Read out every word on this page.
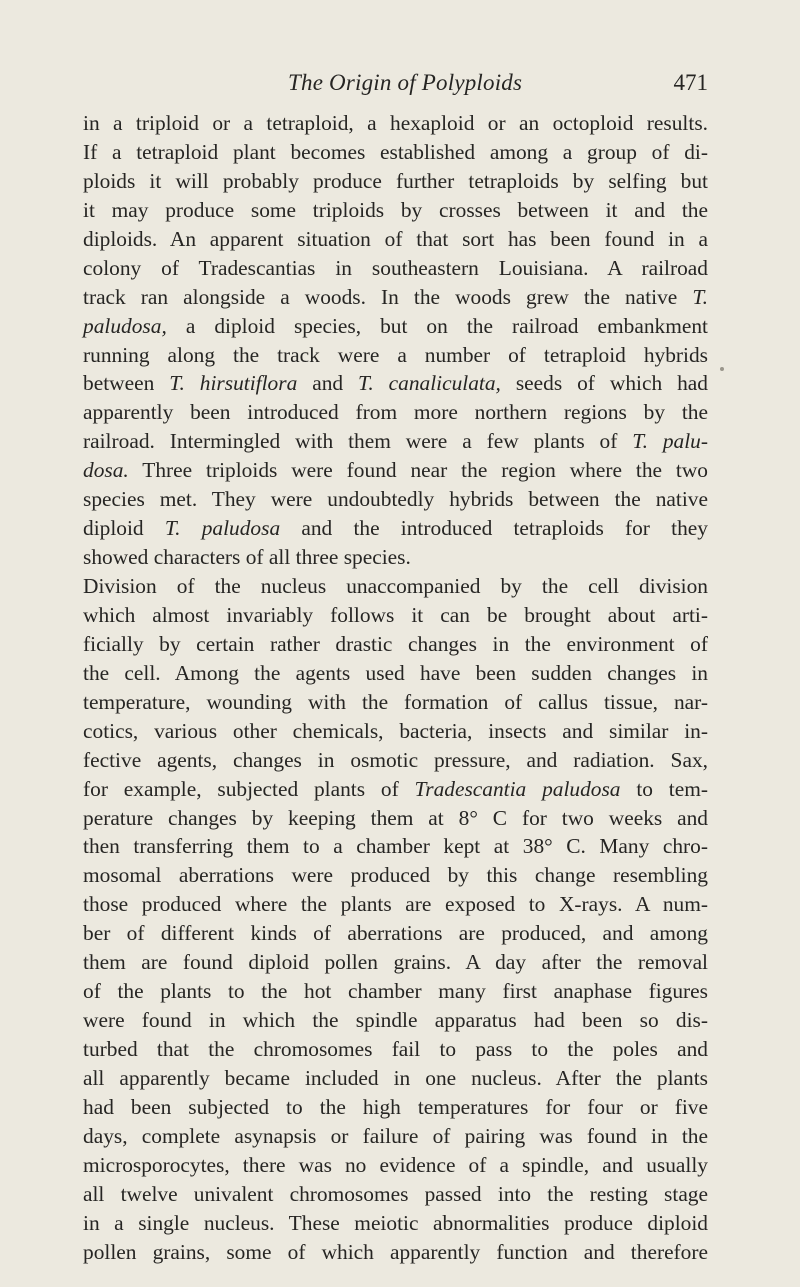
The Origin of Polyploids	471
in a triploid or a tetraploid, a hexaploid or an octoploid results.
If a tetraploid plant becomes established among a group of di-
ploids it will probably produce further tetraploids by selfing but
it may produce some triploids by crosses between it and the
diploids. An apparent situation of that sort has been found in a
colony of Tradescantias in southeastern Louisiana. A railroad
track ran alongside a woods. In the woods grew the native T.
paludosa, a diploid species, but on the railroad embankment
running along the track were a number of tetraploid hybrids
between T. hirsutiflora and T. canaliculata, seeds of which had
apparently been introduced from more northern regions by the
railroad. Intermingled with them were a few plants of T. palu-
dosa. Three triploids were found near the region where the two
species met. They were undoubtedly hybrids between the native
diploid T. paludosa and the introduced tetraploids for they
showed characters of all three species.
Division of the nucleus unaccompanied by the cell division
which almost invariably follows it can be brought about arti-
ficially by certain rather drastic changes in the environment of
the cell. Among the agents used have been sudden changes in
temperature, wounding with the formation of callus tissue, nar-
cotics, various other chemicals, bacteria, insects and similar in-
fective agents, changes in osmotic pressure, and radiation. Sax,
for example, subjected plants of Tradescantia paludosa to tem-
perature changes by keeping them at 8° C for two weeks and
then transferring them to a chamber kept at 38° C. Many chro-
mosomal aberrations were produced by this change resembling
those produced where the plants are exposed to X-rays. A num-
ber of different kinds of aberrations are produced, and among
them are found diploid pollen grains. A day after the removal
of the plants to the hot chamber many first anaphase figures
were found in which the spindle apparatus had been so dis-
turbed that the chromosomes fail to pass to the poles and
all apparently became included in one nucleus. After the plants
had been subjected to the high temperatures for four or five
days, complete asynapsis or failure of pairing was found in the
microsporocytes, there was no evidence of a spindle, and usually
all twelve univalent chromosomes passed into the resting stage
in a single nucleus. These meiotic abnormalities produce diploid
pollen grains, some of which apparently function and therefore
